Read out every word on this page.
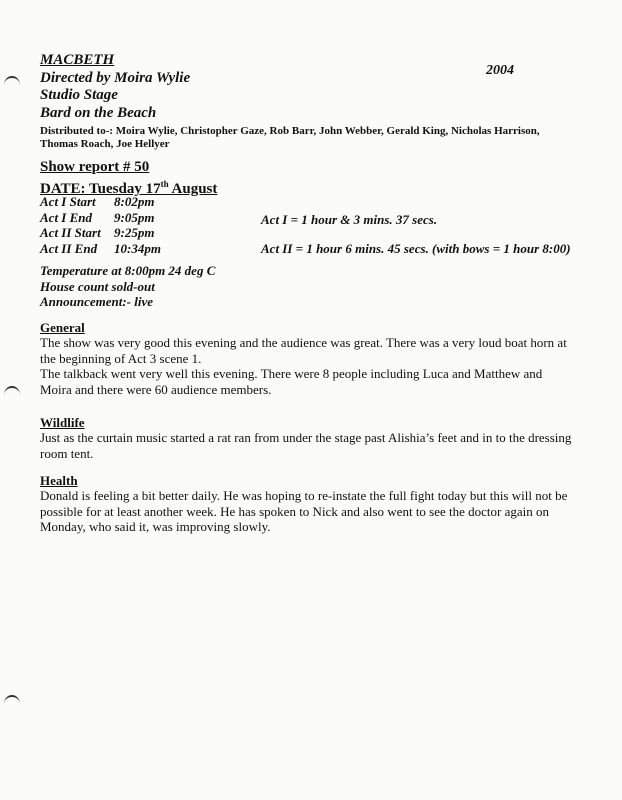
MACBETH
Directed by Moira Wylie
Studio Stage
Bard on the Beach
2004
Distributed to-: Moira Wylie, Christopher Gaze, Rob Barr, John Webber, Gerald King, Nicholas Harrison, Thomas Roach, Joe Hellyer
Show report # 50
DATE: Tuesday 17th August
Act I Start	8:02pm
Act I End	9:05pm
Act II Start	9:25pm
Act II End	10:34pm
Act I = 1 hour & 3 mins. 37 secs.
Act II = 1 hour 6 mins. 45 secs. (with bows = 1 hour 8:00)
Temperature at 8:00pm 24 deg C
House count sold-out
Announcement:- live
General

The show was very good this evening and the audience was great. There was a very loud boat horn at the beginning of Act 3 scene 1.

The talkback went very well this evening. There were 8 people including Luca and Matthew and Moira and there were 60 audience members.

Wildlife

Just as the curtain music started a rat ran from under the stage past Alishia’s feet and in to the dressing room tent.

Health

Donald is feeling a bit better daily. He was hoping to re-instate the full fight today but this will not be possible for at least another week. He has spoken to Nick and also went to see the doctor again on Monday, who said it, was improving slowly.
